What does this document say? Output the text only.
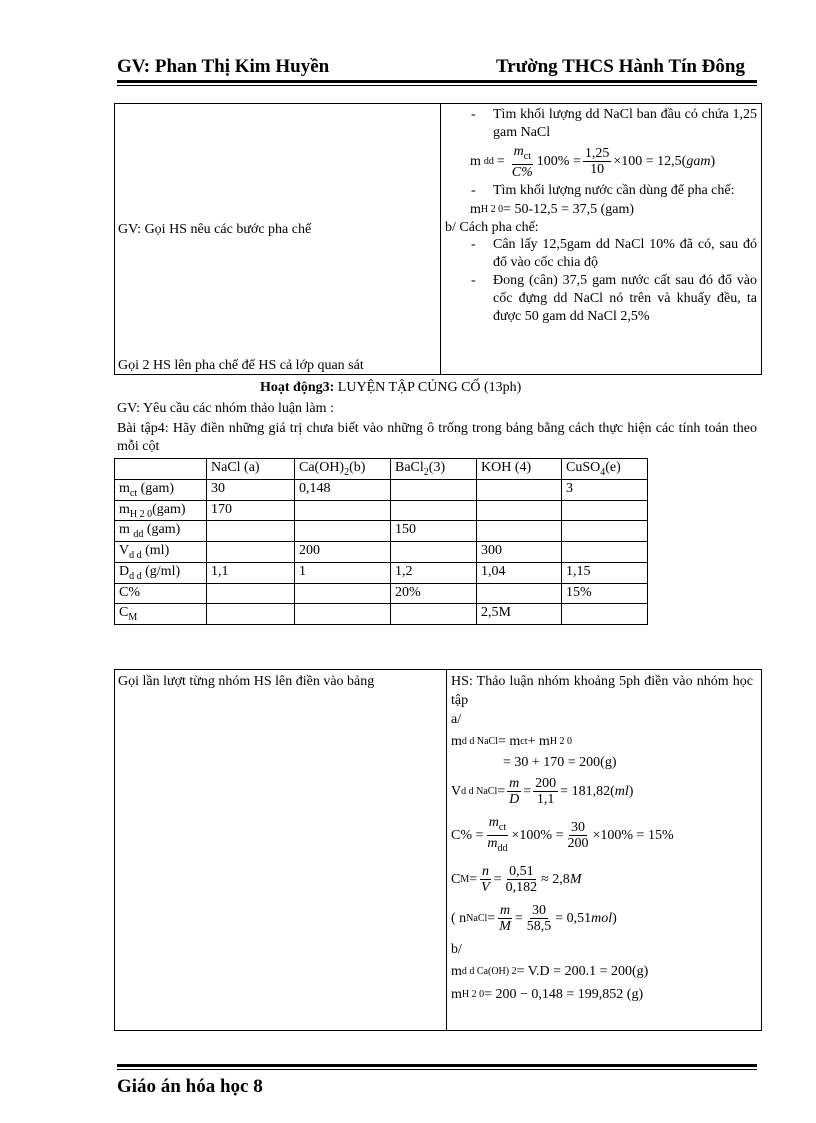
GV: Phan Thị Kim Huyền	Trường THCS Hành Tín Đông
GV: Gọi HS nêu các bước pha chế
Gọi 2 HS lên pha chế để HS cả lớp quan sát

- Tìm khối lượng dd NaCl ban đầu có chứa 1,25 gam NaCl
m dd = $\frac{m_{ct}}{C\%} 100\% = \frac{1,25}{10} \times 100 = 12,5$( gam )
- Tìm khối lượng nước cần dùng để pha chế:
m H 2 0 = 50-12,5 = 37,5 (gam)
b/ Cách pha chế:
- Cân lấy 12,5gam dd NaCl 10% đã có, sau đó đổ vào cốc chia độ
- Đong (cân) 37,5 gam nước cất sau đó đổ vào cốc đựng dd NaCl nó trên và khuấy đều, ta được 50 gam dd NaCl 2,5%
Hoạt động3: LUYỆN TẬP CỦNG CỐ (13ph)
GV: Yêu cầu các nhóm thảo luận làm :
Bài tập4: Hãy điền những giá trị chưa biết vào những ô trống trong bảng bằng cách thực hiện các tính toán theo mỗi cột
	NaCl (a)	$Ca(OH)_2(b)$	BaCl$_2$(3)	KOH (4)	CuSO$_4$(e)
$m_{ct}$ (gam)	30	0,148			3
$m_{H 2 0}(gam)$	170				
m $_{dd}$ (gam)			150		
$V_{d d}$ (ml)		200		300	
$D_{d d}$ (g/ml)	1,1	1	1,2	1,04	1,15
C%			20%		15%
$C_M$				2,5M	
Gọi lần lượt từng nhóm HS lên điền vào bảng	HS: Thảo luận nhóm khoảng 5ph điền vào nhóm học tập
a/
m d d NaCl = m ct + m H 2 0
= 30 + 170 = 200(g)
V d d NaCl = $\frac{m}{D} = \frac{200}{1,1} = 181,82$( ml )
$C\% = \frac{m_{ct}}{m_{dd}} \times 100\% = \frac{30}{200} \times 100\% = 15\%$
C $M = \frac{n}{V} = \frac{0,51}{0,182} \approx 2,8$ M
( n NaCl = $\frac{m}{M} = \frac{30}{58,5} = 0,51$ mol )
b/
m d d Ca(OH) 2 = V.D = 200.1 = 200(g)
m H 2 0 = 200 − 0,148 = 199,852 (g)
Giáo án hóa học 8
